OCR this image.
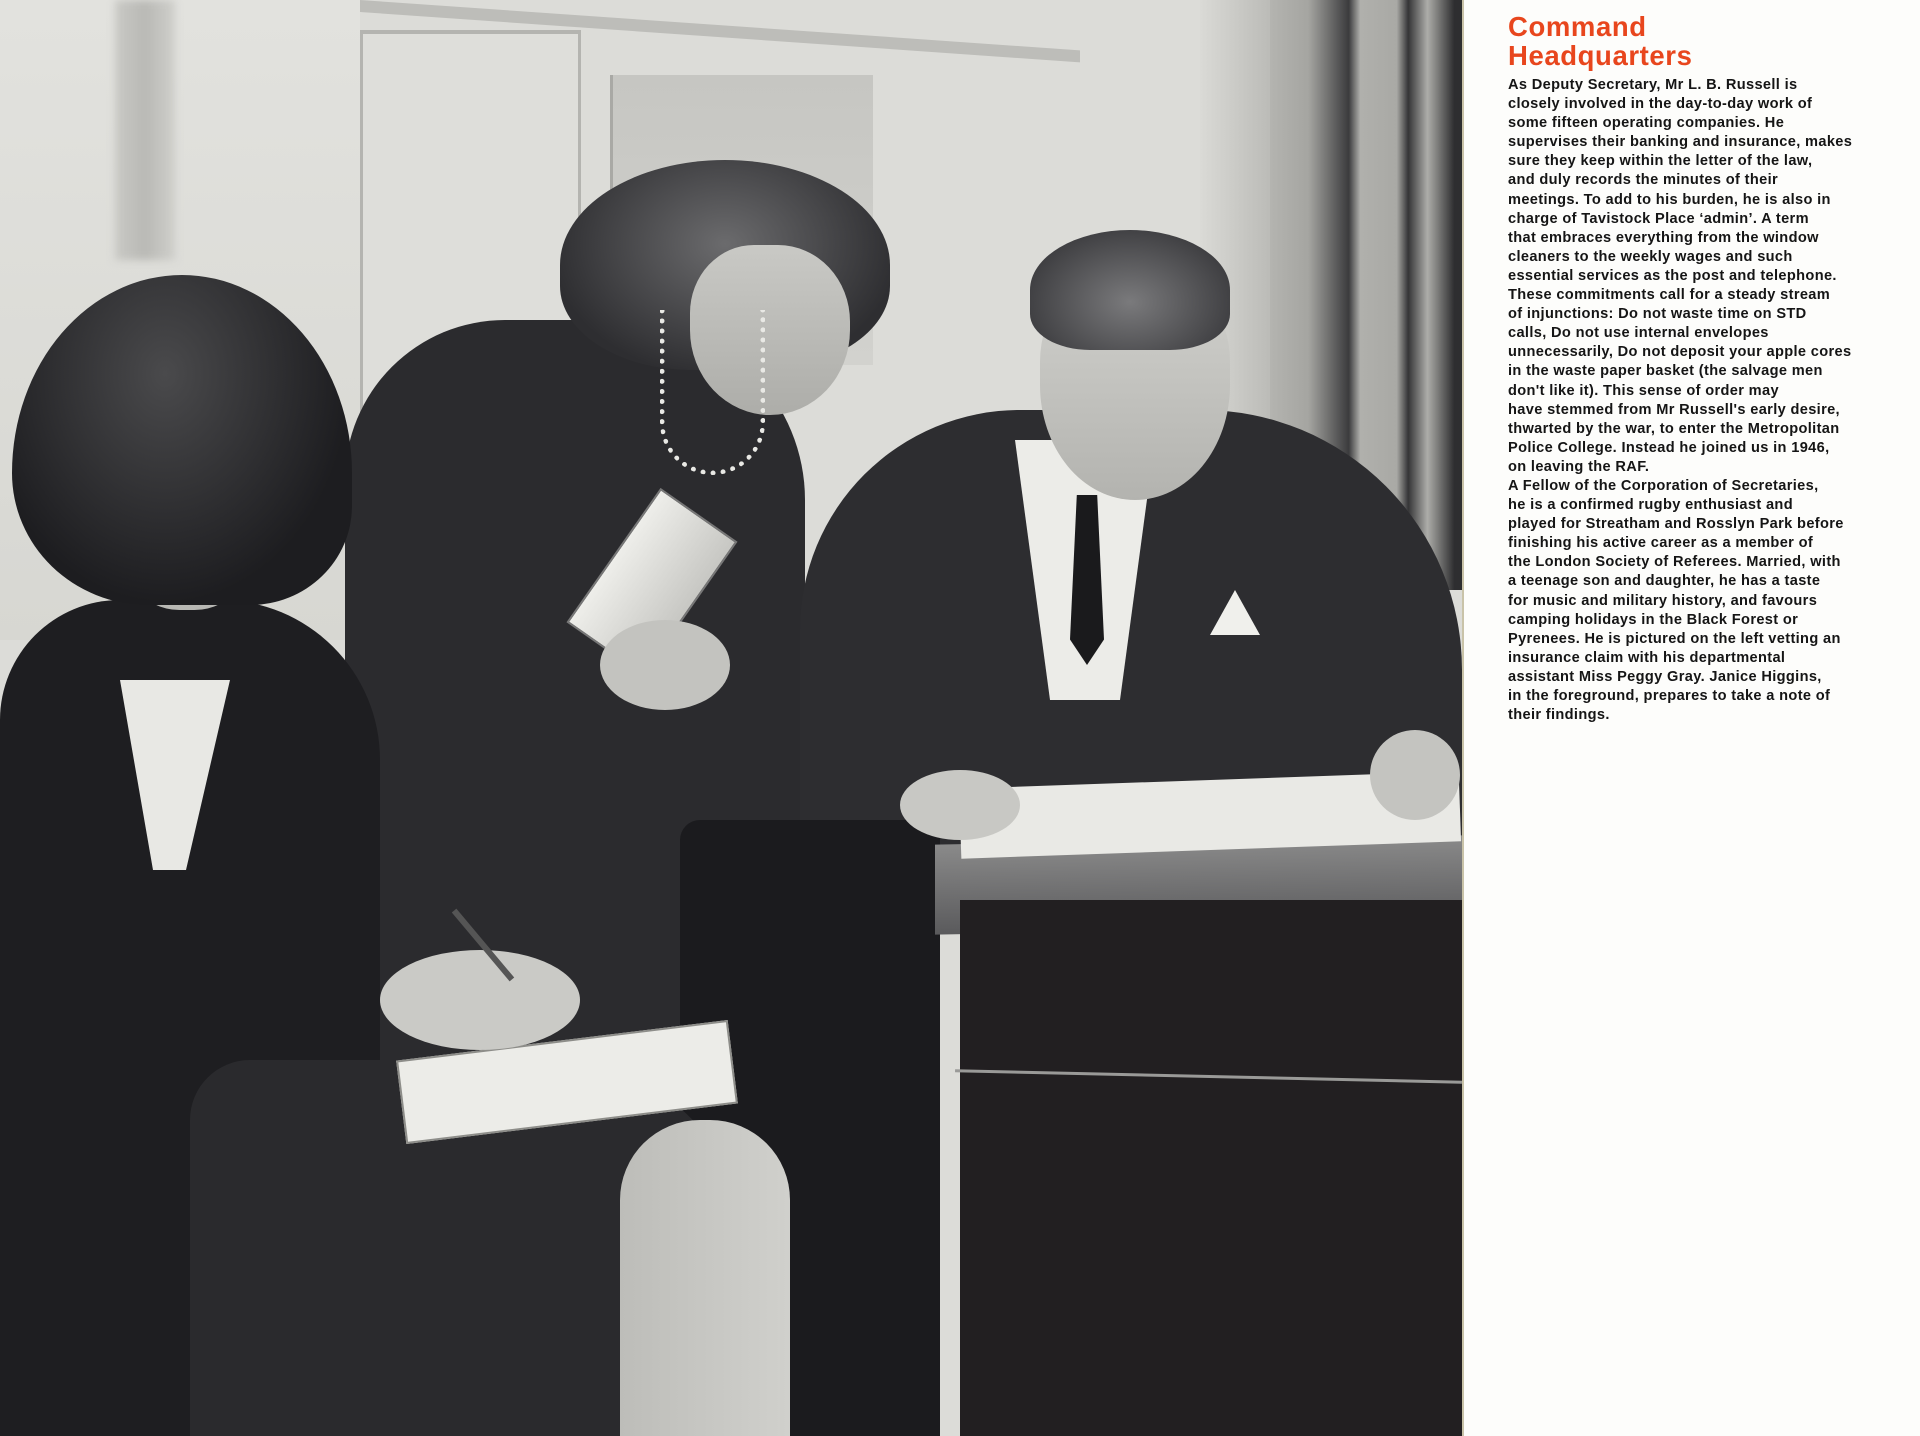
Command
Headquarters
As Deputy Secretary, Mr L. B. Russell is
closely involved in the day-to-day work of
some fifteen operating companies. He
supervises their banking and insurance, makes
sure they keep within the letter of the law,
and duly records the minutes of their
meetings. To add to his burden, he is also in
charge of Tavistock Place ‘admin’. A term
that embraces everything from the window
cleaners to the weekly wages and such
essential services as the post and telephone.
These commitments call for a steady stream
of injunctions: Do not waste time on STD
calls, Do not use internal envelopes
unnecessarily, Do not deposit your apple cores
in the waste paper basket (the salvage men
don't like it). This sense of order may
have stemmed from Mr Russell's early desire,
thwarted by the war, to enter the Metropolitan
Police College. Instead he joined us in 1946,
on leaving the RAF.
A Fellow of the Corporation of Secretaries,
he is a confirmed rugby enthusiast and
played for Streatham and Rosslyn Park before
finishing his active career as a member of
the London Society of Referees. Married, with
a teenage son and daughter, he has a taste
for music and military history, and favours
camping holidays in the Black Forest or
Pyrenees. He is pictured on the left vetting an
insurance claim with his departmental
assistant Miss Peggy Gray. Janice Higgins,
in the foreground, prepares to take a note of
their findings.
